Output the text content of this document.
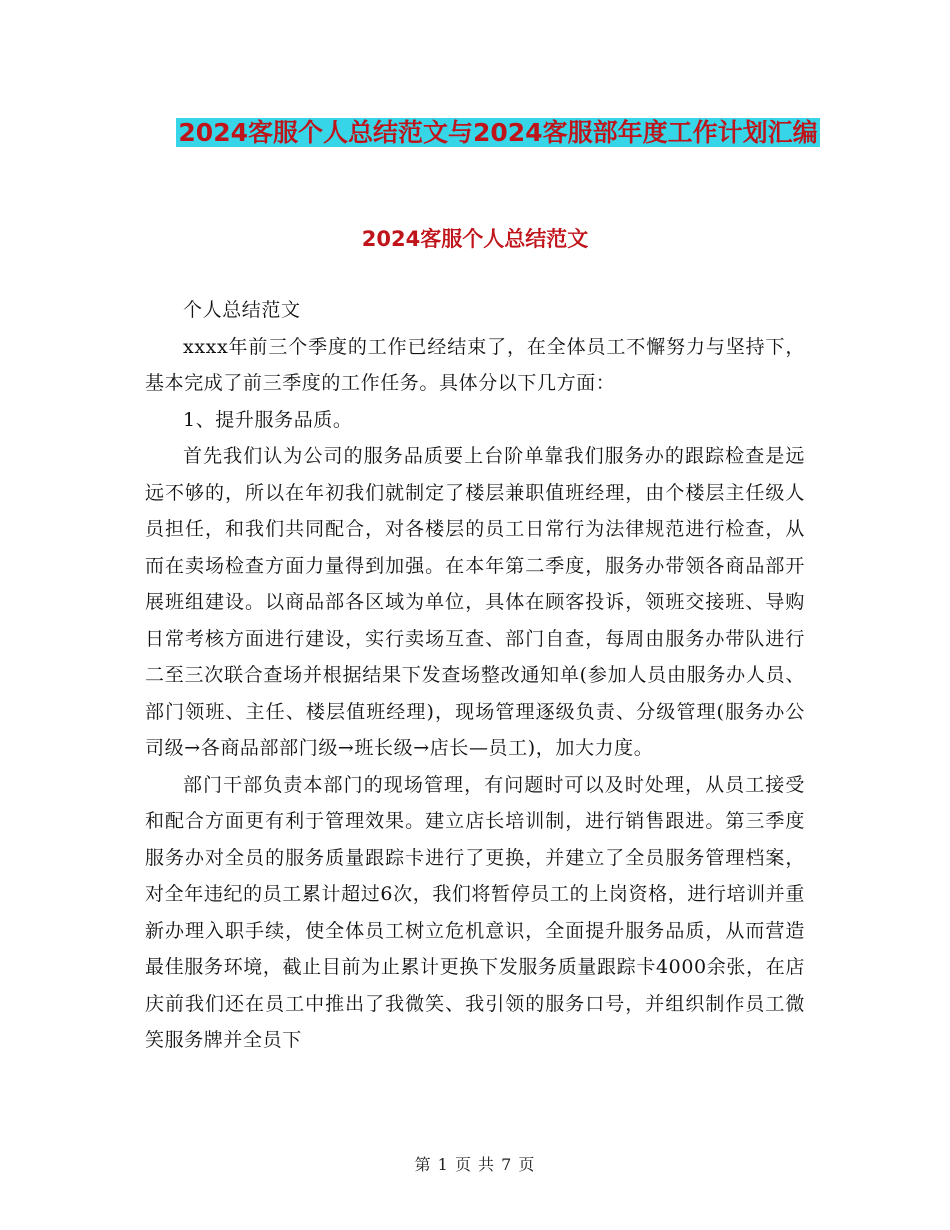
2024客服个人总结范文与2024客服部年度工作计划汇编
2024客服个人总结范文

个人总结范文

xxxx年前三个季度的工作已经结束了，在全体员工不懈努力与坚持下，基本完成了前三季度的工作任务。具体分以下几方面：

1、提升服务品质。

首先我们认为公司的服务品质要上台阶单靠我们服务办的跟踪检查是远远不够的，所以在年初我们就制定了楼层兼职值班经理，由个楼层主任级人员担任，和我们共同配合，对各楼层的员工日常行为法律规范进行检查，从而在卖场检查方面力量得到加强。在本年第二季度，服务办带领各商品部开展班组建设。以商品部各区域为单位，具体在顾客投诉，领班交接班、导购日常考核方面进行建设，实行卖场互查、部门自查，每周由服务办带队进行二至三次联合查场并根据结果下发查场整改通知单(参加人员由服务办人员、部门领班、主任、楼层值班经理)，现场管理逐级负责、分级管理(服务办公司级→各商品部部门级→班长级→店长—员工)，加大力度。

部门干部负责本部门的现场管理，有问题时可以及时处理，从员工接受和配合方面更有利于管理效果。建立店长培训制，进行销售跟进。第三季度服务办对全员的服务质量跟踪卡进行了更换，并建立了全员服务管理档案，对全年违纪的员工累计超过6次，我们将暂停员工的上岗资格，进行培训并重新办理入职手续，使全体员工树立危机意识，全面提升服务品质，从而营造最佳服务环境，截止目前为止累计更换下发服务质量跟踪卡4000余张，在店庆前我们还在员工中推出了我微笑、我引领的服务口号，并组织制作员工微笑服务牌并全员下

第 1 页 共 7 页
